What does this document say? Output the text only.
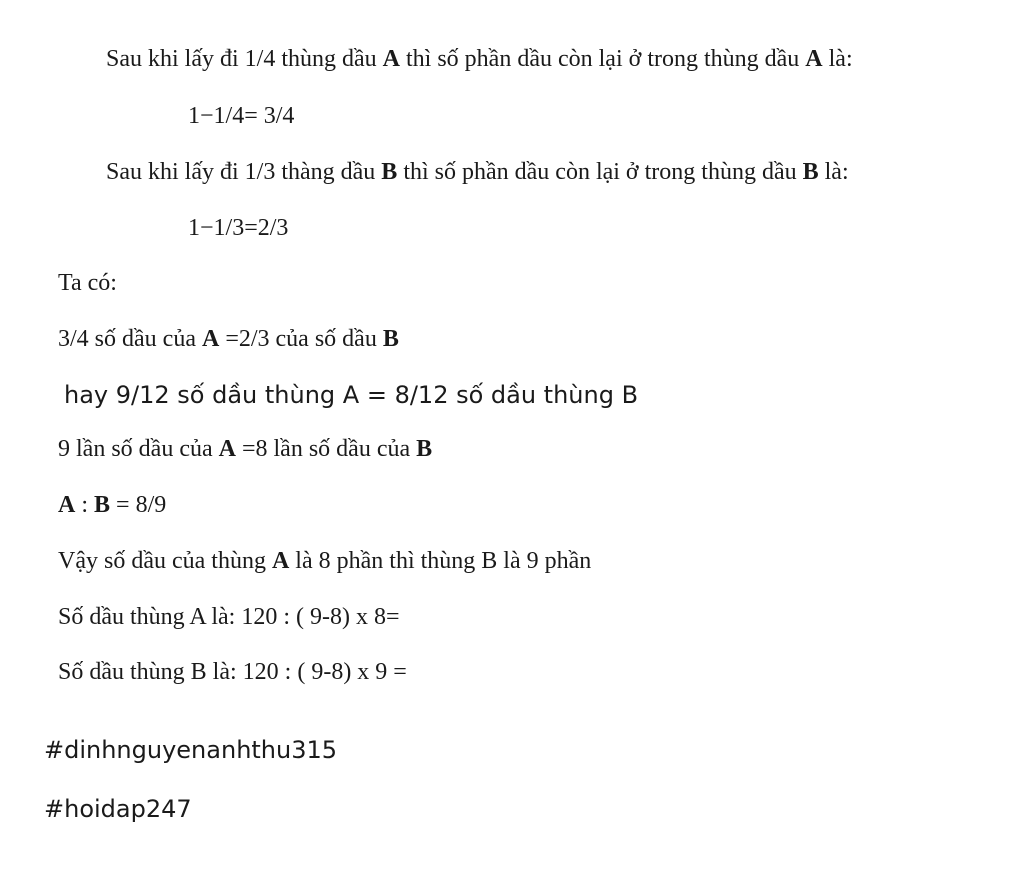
Sau khi lấy đi 1/4 thùng dầu A thì số phần dầu còn lại ở trong thùng dầu A là:
1−1/4= 3/4
Sau khi lấy đi 1/3 thàng dầu B thì số phần dầu còn lại ở trong thùng dầu B là:
1−1/3=2/3
Ta có:
3/4 số dầu của A =2/3 của số dầu B
hay 9/12 số dầu thùng A = 8/12 số dầu thùng B
9 lần số dầu của A =8 lần số dầu của B
A : B = 8/9
Vậy số dầu của thùng A là 8 phần thì thùng B là 9 phần
Số dầu thùng A là: 120 : ( 9-8) x 8=
Số dầu thùng B là: 120 : ( 9-8) x 9 =
#dinhnguyenanhthu315
#hoidap247
